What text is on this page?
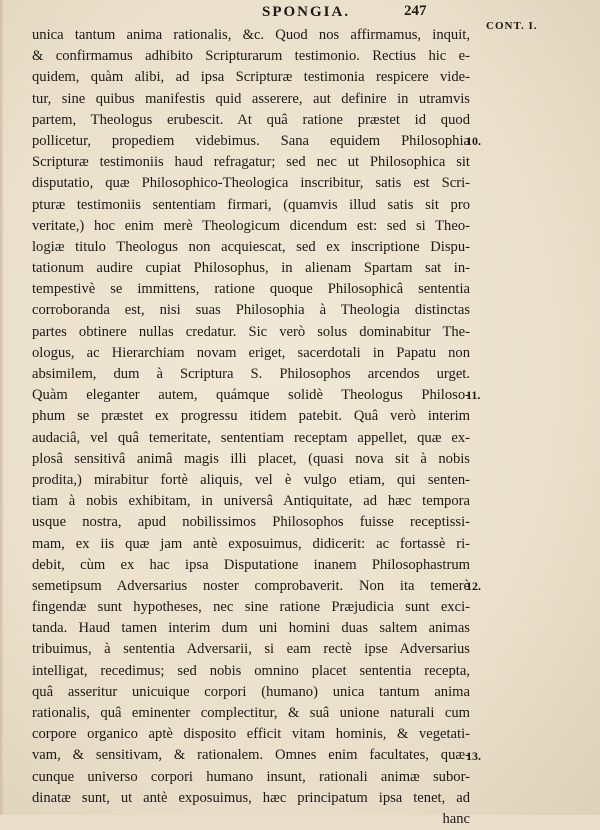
SPONGIA.	247
CONT. I.
unica tantum anima rationalis, &c. Quod nos affirmamus, inquit,
& confirmamus adhibito Scripturarum testimonio. Rectius hic e-
quidem, quàm alibi, ad ipsa Scripturæ testimonia respicere vide-
tur, sine quibus manifestis quid asserere, aut definire in utramvis
partem, Theologus erubescit. At quâ ratione præstet id quod
pollicetur, propediem videbimus. Sana equidem Philosophia
Scripturæ testimoniis haud refragatur; sed nec ut Philosophica sit
disputatio, quæ Philosophico-Theologica inscribitur, satis est Scri-
pturæ testimoniis sententiam firmari, (quamvis illud satis sit pro
veritate,) hoc enim merè Theologicum dicendum est: sed si Theo-
logiæ titulo Theologus non acquiescat, sed ex inscriptione Dispu-
tationum audire cupiat Philosophus, in alienam Spartam sat in-
tempestivè se immittens, ratione quoque Philosophicâ sententia
corroboranda est, nisi suas Philosophia à Theologia distinctas
partes obtinere nullas credatur. Sic verò solus dominabitur The-
ologus, ac Hierarchiam novam eriget, sacerdotali in Papatu non
absimilem, dum à Scriptura S. Philosophos arcendos urget.
Quàm eleganter autem, quámque solidè Theologus Philoso-
phum se præstet ex progressu itidem patebit. Quâ verò interim
audaciâ, vel quâ temeritate, sententiam receptam appellet, quæ ex-
plosâ sensitivâ animâ magis illi placet, (quasi nova sit à nobis
prodita,) mirabitur fortè aliquis, vel è vulgo etiam, qui senten-
tiam à nobis exhibitam, in universâ Antiquitate, ad hæc tempora
usque nostra, apud nobilissimos Philosophos fuisse receptissi-
mam, ex iis quæ jam antè exposuimus, didicerit: ac fortassè ri-
debit, cùm ex hac ipsa Disputatione inanem Philosophastrum
semetipsum Adversarius noster comprobaverit. Non ita temerè
fingendæ sunt hypotheses, nec sine ratione Præjudicia sunt exci-
tanda. Haud tamen interim dum uni homini duas saltem animas
tribuimus, à sententia Adversarii, si eam rectè ipse Adversarius
intelligat, recedimus; sed nobis omnino placet sententia recepta,
quâ asseritur unicuique corpori (humano) unica tantum anima
rationalis, quâ eminenter complectitur, & suâ unione naturali cum
corpore organico aptè disposito efficit vitam hominis, & vegetati-
vam, & sensitivam, & rationalem. Omnes enim facultates, quæ-
cunque universo corpori humano insunt, rationali animæ subor-
dinatæ sunt, ut antè exposuimus, hæc principatum ipsa tenet, ad
hanc
10.
11.
12.
13.
